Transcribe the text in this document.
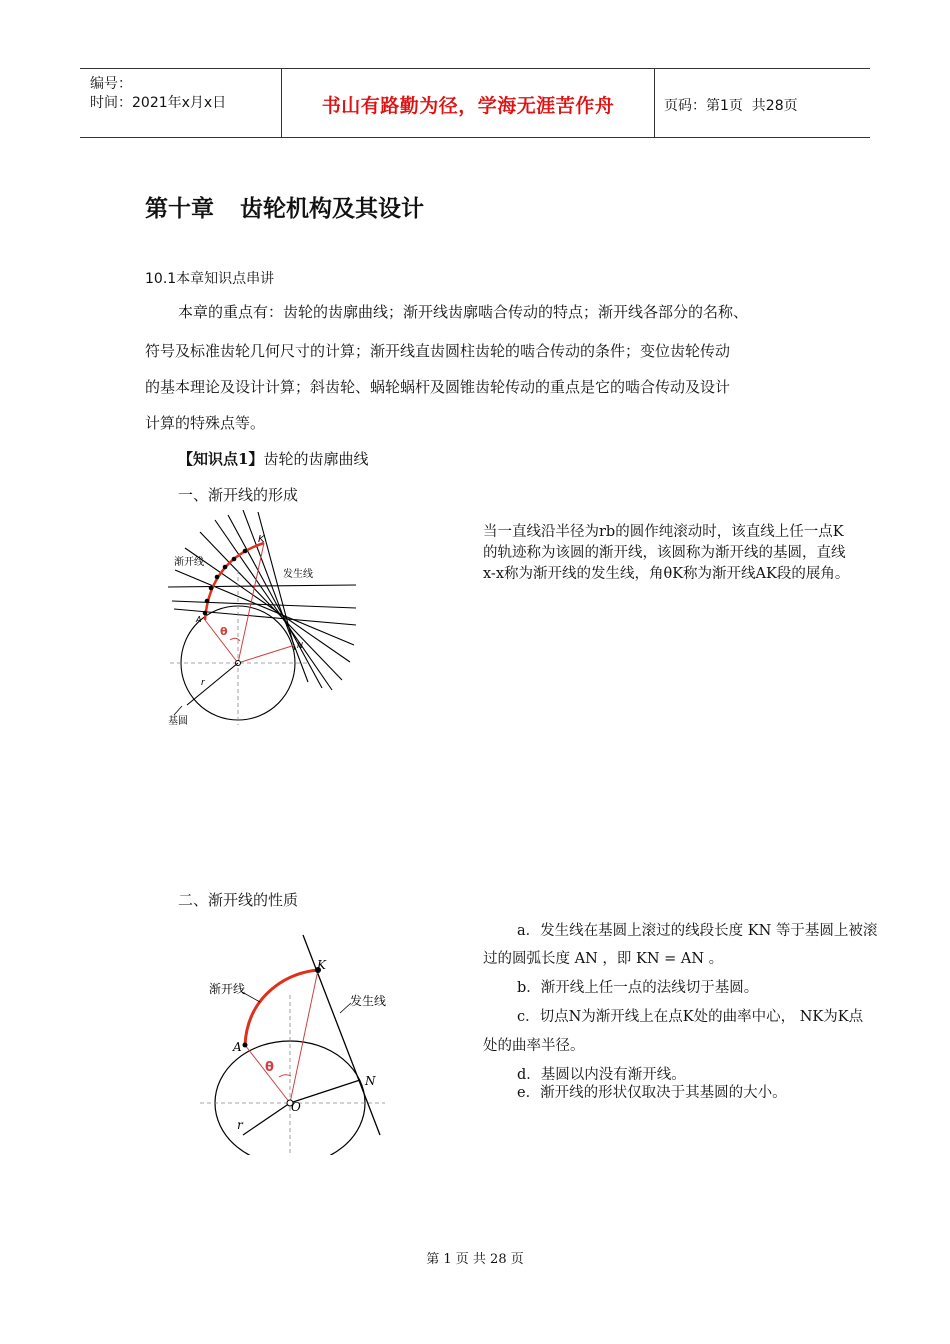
编号：
时间：2021年x月x日	书山有路勤为径，学海无涯苦作舟	页码：第1页  共28页
第十章 齿轮机构及其设计
10.1本章知识点串讲
本章的重点有：齿轮的齿廓曲线；渐开线齿廓啮合传动的特点；渐开线各部分的名称、
符号及标准齿轮几何尺寸的计算；渐开线直齿圆柱齿轮的啮合传动的条件；变位齿轮传动
的基本理论及设计计算；斜齿轮、蜗轮蜗杆及圆锥齿轮传动的重点是它的啮合传动及设计
计算的特殊点等。
【知识点1】齿轮的齿廓曲线
一、渐开线的形成
渐开线
发生线
基圆
K
A
N
r
θ
当一直线沿半径为rb的圆作纯滚动时，该直线上任一点K
的轨迹称为该圆的渐开线，该圆称为渐开线的基圆，直线
x-x称为渐开线的发生线，角θK称为渐开线AK段的展角。
二、渐开线的性质
渐开线
发生线
K
A
N
O
r
θ
a．发生线在基圆上滚过的线段长度 KN 等于基圆上被滚
过的圆弧长度 AN ，即 KN = AN 。
b．渐开线上任一点的法线切于基圆。
c．切点N为渐开线上在点K处的曲率中心， NK为K点
处的曲率半径。
d．基圆以内没有渐开线。
e．渐开线的形状仅取决于其基圆的大小。
第 1 页 共 28 页
